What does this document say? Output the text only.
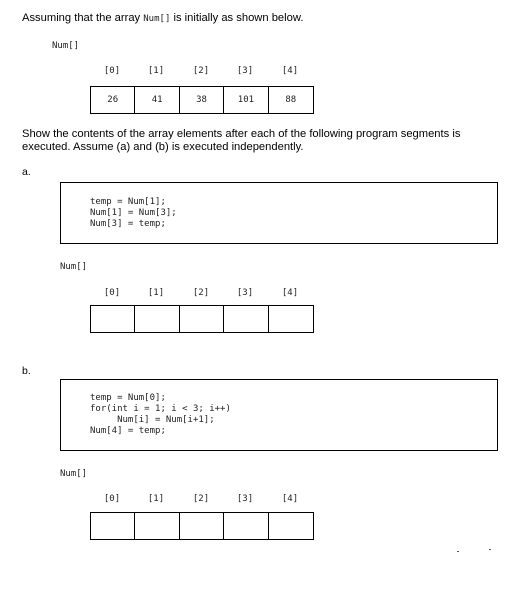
Assuming that the array Num[] is initially as shown below.
Num[]
[0]	[1]	[2]	[3]	[4]
26	41	38	101	88
Show the contents of the array elements after each of the following program segments is
executed. Assume (a) and (b) is executed independently.
a.
temp = Num[1];
Num[1] = Num[3];
Num[3] = temp;
Num[]
[0]	[1]	[2]	[3]	[4]
b.
temp = Num[0];
for(int i = 1; i < 3; i++)
Num[i] = Num[i+1];
Num[4] = temp;
Num[]
[0]	[1]	[2]	[3]	[4]
